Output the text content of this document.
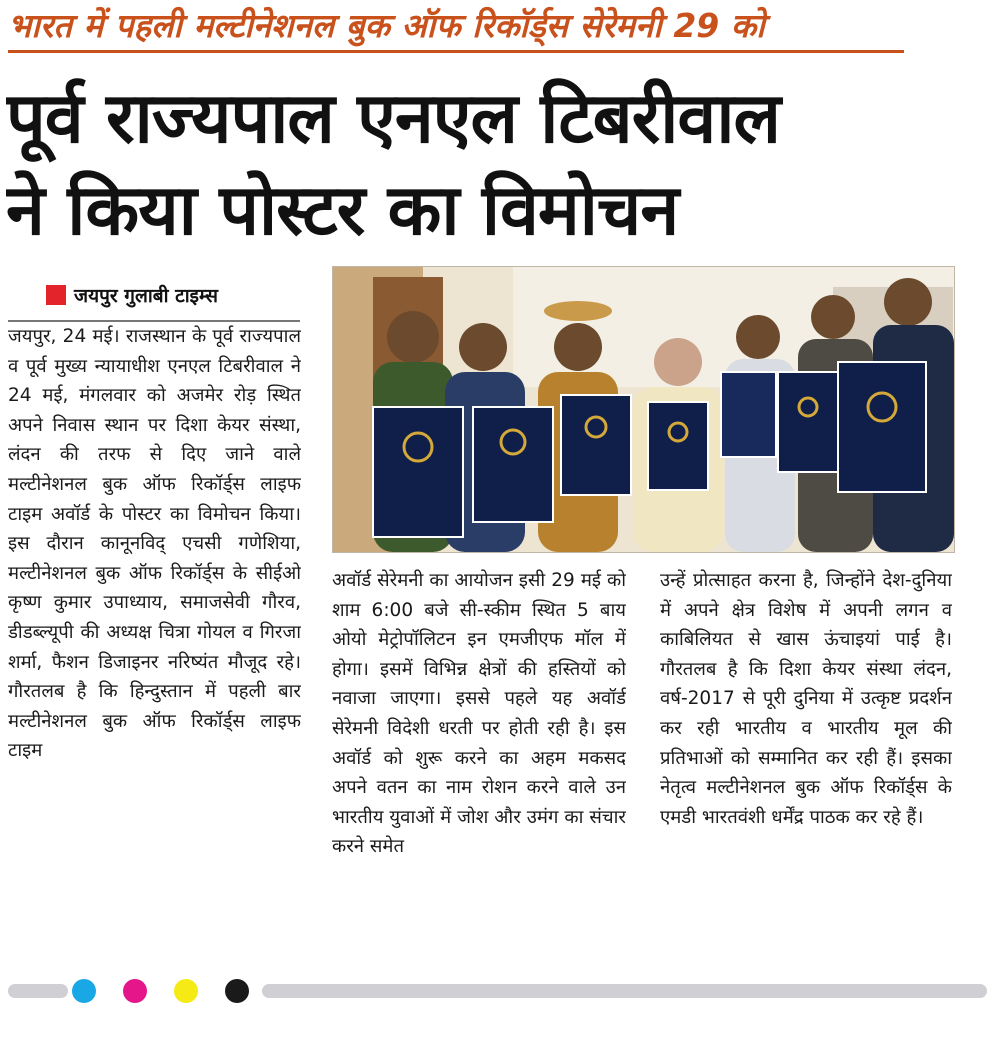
भारत में पहली मल्टीनेशनल बुक ऑफ रिकॉर्ड्स सेरेमनी 29 को
पूर्व राज्यपाल एनएल टिबरीवाल
ने किया पोस्टर का विमोचन
जयपुर गुलाबी टाइम्स
जयपुर, 24 मई। राजस्थान के पूर्व राज्यपाल व पूर्व मुख्य न्यायाधीश एनएल टिबरीवाल ने 24 मई, मंगलवार को अजमेर रोड़ स्थित अपने निवास स्थान पर दिशा केयर संस्था, लंदन की तरफ से दिए जाने वाले मल्टीनेशनल बुक ऑफ रिकॉर्ड्स लाइफ टाइम अवॉर्ड के पोस्टर का विमोचन किया। इस दौरान कानूनविद् एचसी गणेशिया, मल्टीनेशनल बुक ऑफ रिकॉर्ड्स के सीईओ कृष्ण कुमार उपाध्याय, समाजसेवी गौरव, डीडब्ल्यूपी की अध्यक्ष चित्रा गोयल व गिरजा शर्मा, फैशन डिजाइनर नरिष्यंत मौजूद रहे। गौरतलब है कि हिन्दुस्तान में पहली बार मल्टीनेशनल बुक ऑफ रिकॉर्ड्स लाइफ टाइम
अवॉर्ड सेरेमनी का आयोजन इसी 29 मई को शाम 6:00 बजे सी-स्कीम स्थित 5 बाय ओयो मेट्रोपॉलिटन इन एमजीएफ मॉल में होगा। इसमें विभिन्न क्षेत्रों की हस्तियों को नवाजा जाएगा। इससे पहले यह अवॉर्ड सेरेमनी विदेशी धरती पर होती रही है। इस अवॉर्ड को शुरू करने का अहम मकसद अपने वतन का नाम रोशन करने वाले उन भारतीय युवाओं में जोश और उमंग का संचार करने समेत
उन्हें प्रोत्साहत करना है, जिन्होंने देश-दुनिया में अपने क्षेत्र विशेष में अपनी लगन व काबिलियत से खास ऊंचाइयां पाई है। गौरतलब है कि दिशा केयर संस्था लंदन, वर्ष-2017 से पूरी दुनिया में उत्कृष्ट प्रदर्शन कर रही भारतीय व भारतीय मूल की प्रतिभाओं को सम्मानित कर रही हैं। इसका नेतृत्व मल्टीनेशनल बुक ऑफ रिकॉर्ड्स के एमडी भारतवंशी धर्मेंद्र पाठक कर रहे हैं।
